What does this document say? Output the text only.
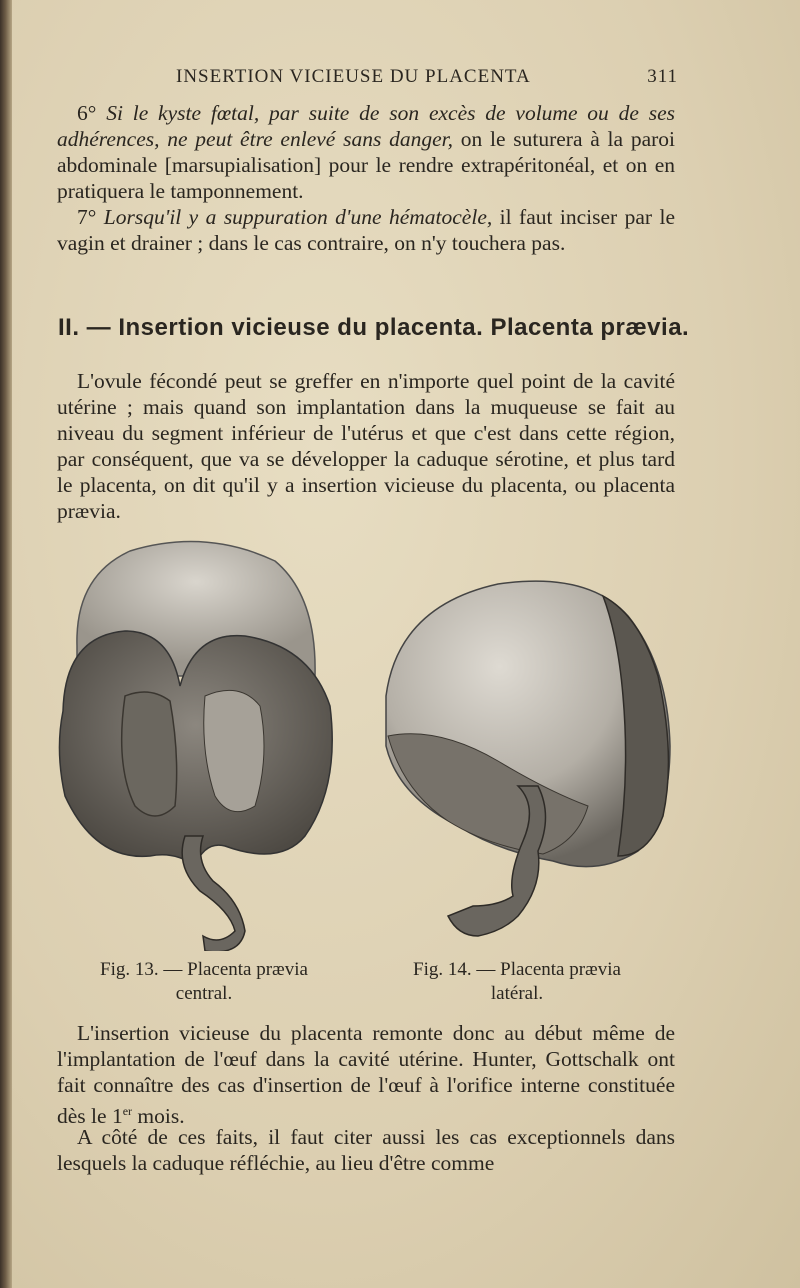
INSERTION VICIEUSE DU PLACENTA	311
6° Si le kyste fœtal, par suite de son excès de volume ou de ses adhérences, ne peut être enlevé sans danger, on le suturera à la paroi abdominale [marsupialisation] pour le rendre extrapéritonéal, et on en pratiquera le tamponnement.
7° Lorsqu'il y a suppuration d'une hématocèle, il faut inciser par le vagin et drainer ; dans le cas contraire, on n'y touchera pas.
II. — Insertion vicieuse du placenta. Placenta prævia.
L'ovule fécondé peut se greffer en n'importe quel point de la cavité utérine ; mais quand son implantation dans la muqueuse se fait au niveau du segment inférieur de l'utérus et que c'est dans cette région, par conséquent, que va se développer la caduque sérotine, et plus tard le placenta, on dit qu'il y a insertion vicieuse du placenta, ou placenta prævia.
Fig. 13. — Placenta prævia
central.
Fig. 14. — Placenta prævia
latéral.
L'insertion vicieuse du placenta remonte donc au début même de l'implantation de l'œuf dans la cavité utérine. Hunter, Gottschalk ont fait connaître des cas d'insertion de l'œuf à l'orifice interne constituée dès le 1er mois.
A côté de ces faits, il faut citer aussi les cas exceptionnels dans lesquels la caduque réfléchie, au lieu d'être comme
